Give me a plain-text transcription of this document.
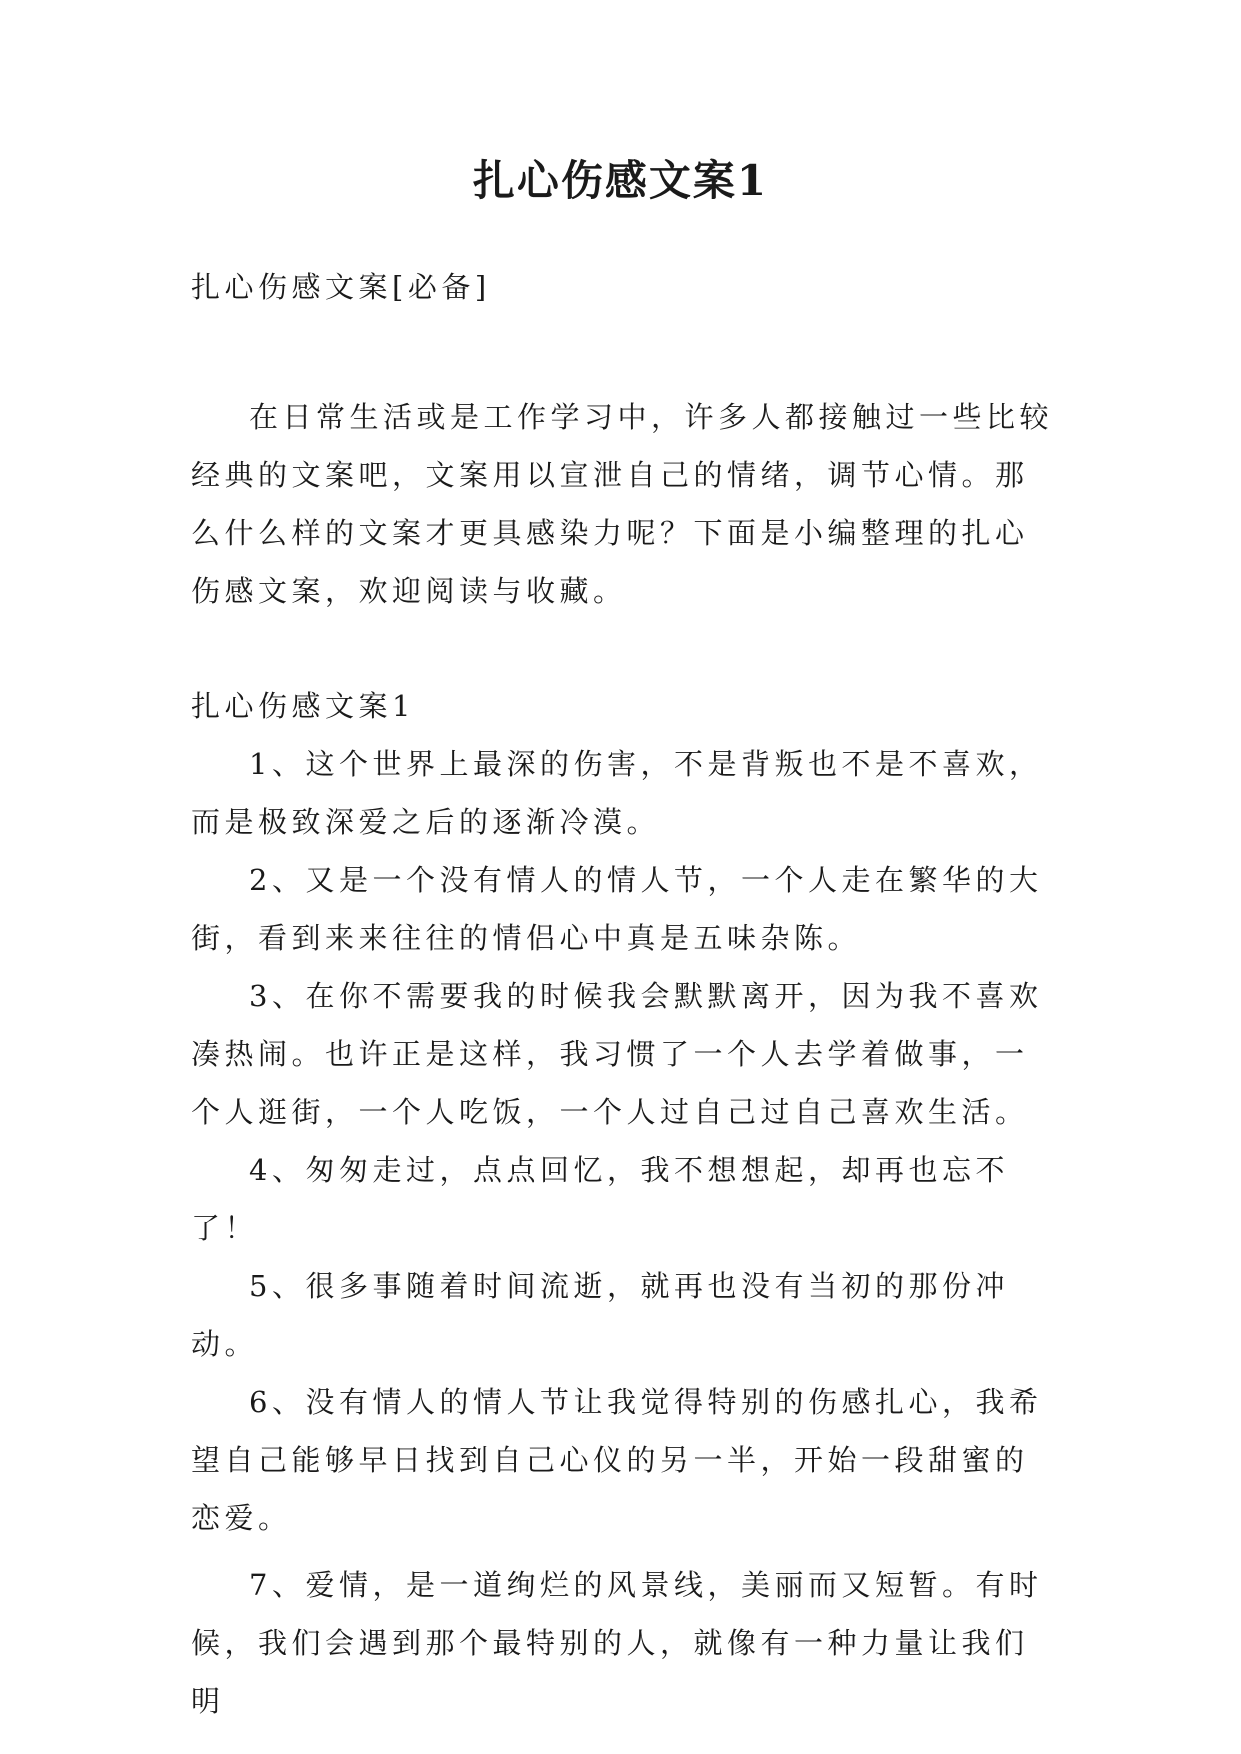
扎心伤感文案1

扎心伤感文案[必备]

在日常生活或是工作学习中，许多人都接触过一些比较经典的文案吧，文案用以宣泄自己的情绪，调节心情。那么什么样的文案才更具感染力呢？下面是小编整理的扎心伤感文案，欢迎阅读与收藏。

扎心伤感文案1

1、这个世界上最深的伤害，不是背叛也不是不喜欢，而是极致深爱之后的逐渐冷漠。

2、又是一个没有情人的情人节，一个人走在繁华的大街，看到来来往往的情侣心中真是五味杂陈。

3、在你不需要我的时候我会默默离开，因为我不喜欢凑热闹。也许正是这样，我习惯了一个人去学着做事，一个人逛街，一个人吃饭，一个人过自己过自己喜欢生活。

4、匆匆走过，点点回忆，我不想想起，却再也忘不了！

5、很多事随着时间流逝，就再也没有当初的那份冲动。

6、没有情人的情人节让我觉得特别的伤感扎心，我希望自己能够早日找到自己心仪的另一半，开始一段甜蜜的恋爱。

7、爱情，是一道绚烂的风景线，美丽而又短暂。有时候，我们会遇到那个最特别的人，就像有一种力量让我们明
